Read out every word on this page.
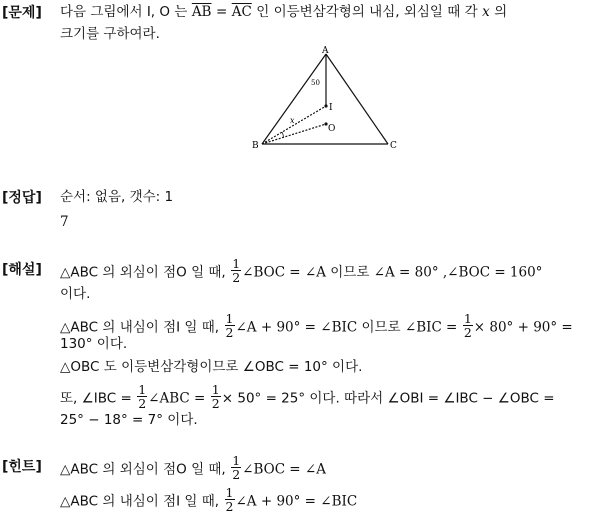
[문제] 다음 그림에서 I, O 는 $\overline{AB} = \overline{AC}$ 인 이등변삼각형의 내심, 외심일 때 각 x 의
크기를 구하여라.
A
B	C
I
O
50
x
[정답] 순서: 없음, 갯수: 1
7
[해설] △ABC 의 외심이 점O 일 때, $\frac{1}{2}$ ∠BOC = ∠A 이므로 ∠A = 80° ,∠BOC = 160°
이다.
△ABC 의 내심이 점I 일 때, $\frac{1}{2}$ ∠A + 90° = ∠BIC 이므로 ∠BIC = $\frac{1}{2} \times 80^\circ + 90^\circ$ =
130° 이다.
△OBC 도 이등변삼각형이므로 ∠OBC = 10° 이다.
또, ∠IBC = $\frac{1}{2}$ ∠ABC = $\frac{1}{2} \times 50^\circ = 25^\circ$ 이다. 따라서 ∠OBI = ∠IBC − ∠OBC =
25° − 18° = 7° 이다.
[힌트] △ABC 의 외심이 점O 일 때, $\frac{1}{2}$ ∠BOC = ∠A
△ABC 의 내심이 점I 일 때, $\frac{1}{2}$ ∠A + 90° = ∠BIC
